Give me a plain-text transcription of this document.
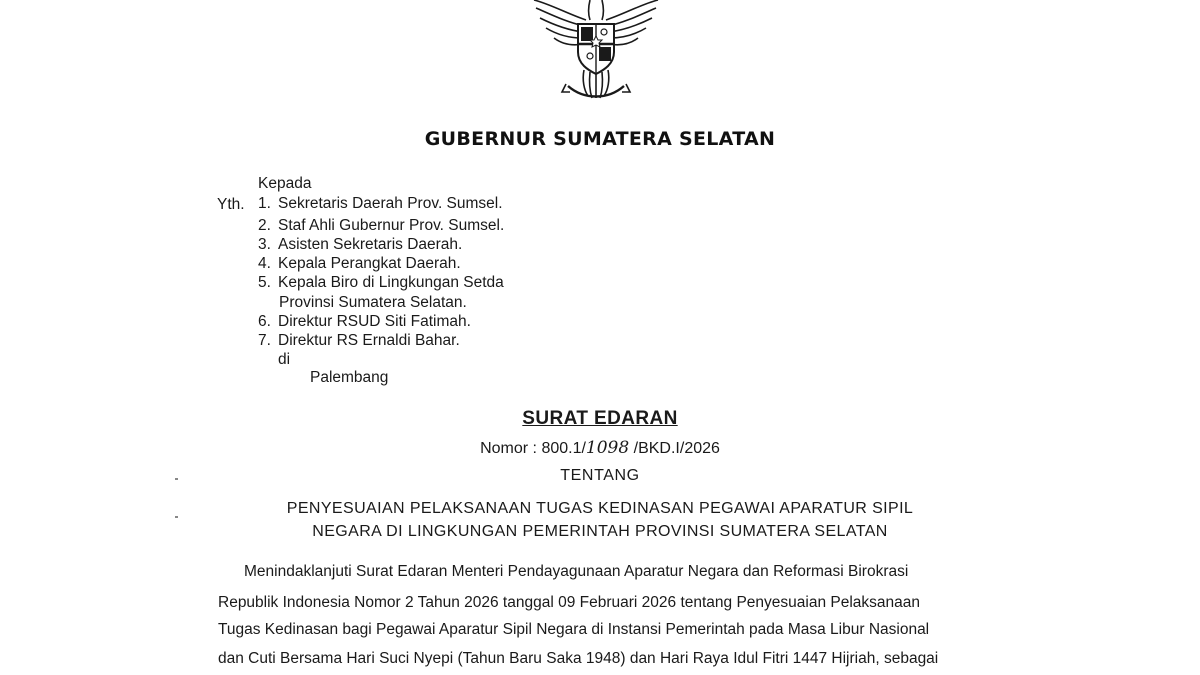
GUBERNUR SUMATERA SELATAN
Kepada
Yth. 1. Sekretaris Daerah Prov. Sumsel.
2. Staf Ahli Gubernur Prov. Sumsel.
3. Asisten Sekretaris Daerah.
4. Kepala Perangkat Daerah.
5. Kepala Biro di Lingkungan Setda
Provinsi Sumatera Selatan.
6. Direktur RSUD Siti Fatimah.
7. Direktur RS Ernaldi Bahar.
di
Palembang
SURAT EDARAN
Nomor : 800.1/1098 /BKD.I/2026
TENTANG
PENYESUAIAN PELAKSANAAN TUGAS KEDINASAN PEGAWAI APARATUR SIPIL
NEGARA DI LINGKUNGAN PEMERINTAH PROVINSI SUMATERA SELATAN
Menindaklanjuti Surat Edaran Menteri Pendayagunaan Aparatur Negara dan Reformasi Birokrasi
Republik Indonesia Nomor 2 Tahun 2026 tanggal 09 Februari 2026 tentang Penyesuaian Pelaksanaan
Tugas Kedinasan bagi Pegawai Aparatur Sipil Negara di Instansi Pemerintah pada Masa Libur Nasional
dan Cuti Bersama Hari Suci Nyepi (Tahun Baru Saka 1948) dan Hari Raya Idul Fitri 1447 Hijriah, sebagai
